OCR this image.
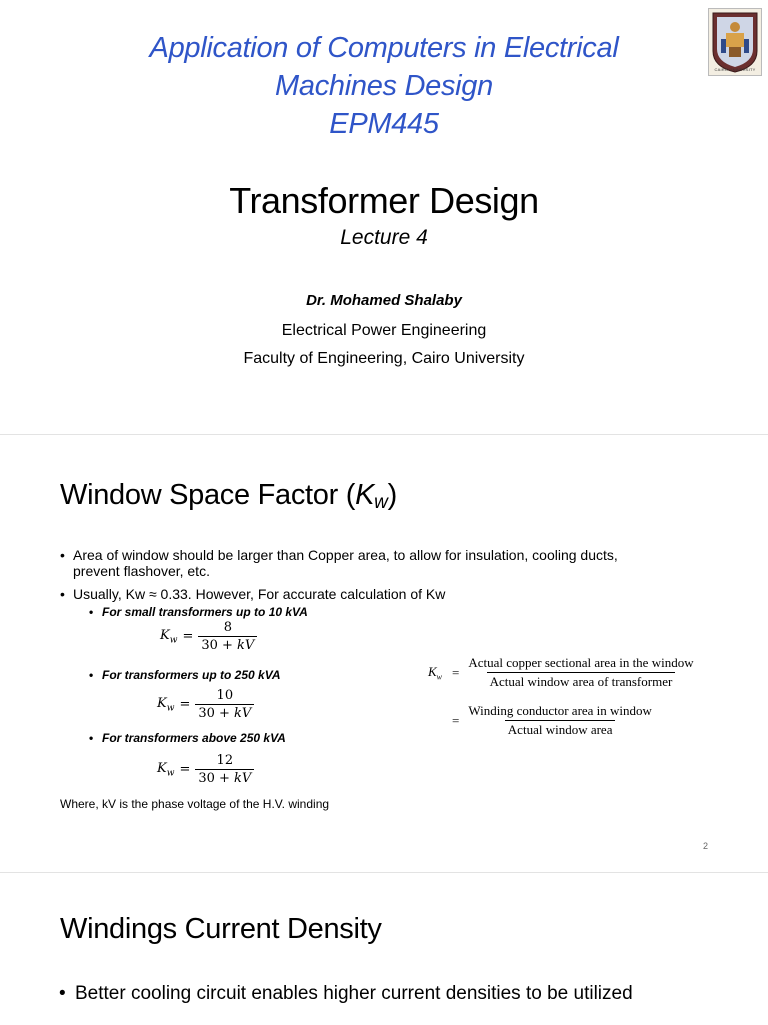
Application of Computers in Electrical
Machines Design
EPM445
CAIRO UNIVERSITY
Transformer Design
Lecture 4
Dr. Mohamed Shalaby
Electrical Power Engineering
Faculty of Engineering, Cairo University
Window Space Factor $(K_w)$
• Area of window should be larger than Copper area, to allow for insulation, cooling ducts,
prevent flashover, etc.
• Usually, Kw ≈ 0.33. However, For accurate calculation of Kw
• For small transformers up to 10 kVA
$K_w = \frac{8}{30 + kV}$
• For transformers up to 250 kVA
$K_w = \frac{10}{30 + kV}$
• For transformers above 250 kVA
$K_w = \frac{12}{30 + kV}$
$K_w = \frac{\text{Actual copper sectional area in the window}}{\text{Actual window area of transformer}}$
= $\frac{\text{Winding conductor area in window}}{\text{Actual window area}}$
Where, kV is the phase voltage of the H.V. winding
2
Windings Current Density
• Better cooling circuit enables higher current densities to be utilized
